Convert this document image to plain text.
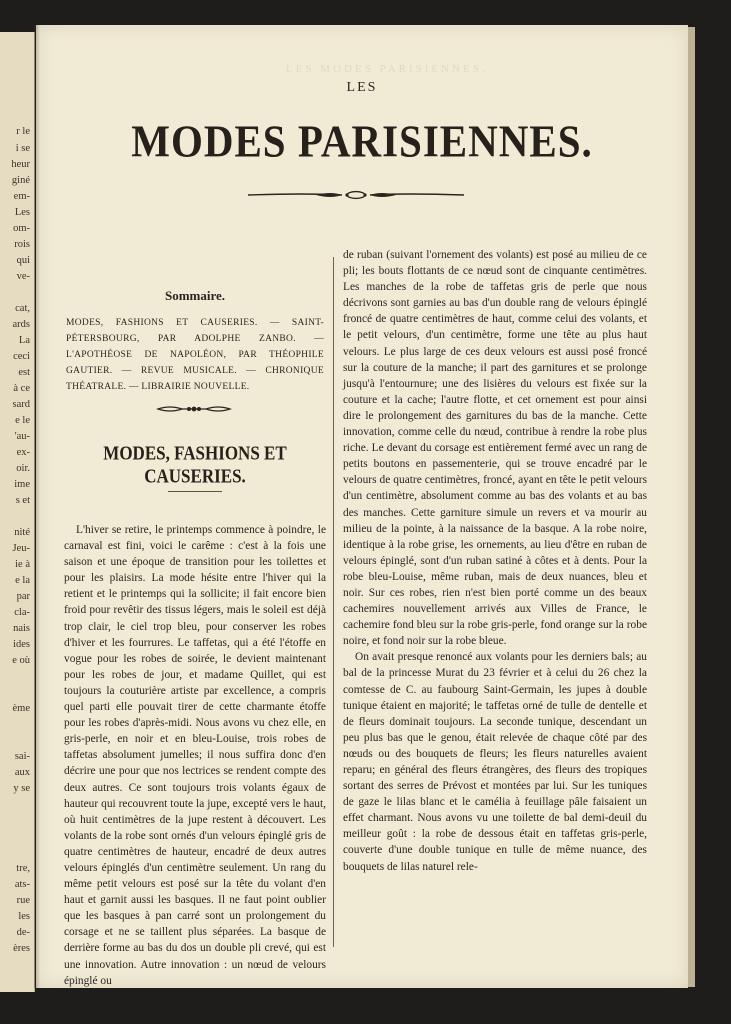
r le
i se
heur
giné
em-
Les
om-
rois
qui
ve-
cat,
ards
La
ceci
est
à ce
sard
e le
'au-
ex-
oir.
ime
s et
nité
Jeu-
ie à
e la
par
cla-
nais
ides
e où
ème
sai-
aux
y se
tre,
ats-
rue
les
de-
ères
LES MODES PARISIENNES.
LES
MODES PARISIENNES.
Sommaire.
MODES, FASHIONS ET CAUSERIES. — SAINT-PÉTERSBOURG, PAR ADOLPHE ZANBO. — L'APOTHÉOSE DE NAPOLÉON, PAR THÉOPHILE GAUTIER. — REVUE MUSICALE. — CHRONIQUE THÉATRALE. — LIBRAIRIE NOUVELLE.
MODES, FASHIONS ET CAUSERIES.

L'hiver se retire, le printemps commence à poindre, le carnaval est fini, voici le carême : c'est à la fois une saison et une époque de transition pour les toilettes et pour les plaisirs. La mode hésite entre l'hiver qui la retient et le printemps qui la sollicite; il fait encore bien froid pour revêtir des tissus légers, mais le soleil est déjà trop clair, le ciel trop bleu, pour conserver les robes d'hiver et les fourrures. Le taffetas, qui a été l'étoffe en vogue pour les robes de soirée, le devient maintenant pour les robes de jour, et madame Quillet, qui est toujours la couturière artiste par excellence, a compris quel parti elle pouvait tirer de cette charmante étoffe pour les robes d'après-midi. Nous avons vu chez elle, en gris-perle, en noir et en bleu-Louise, trois robes de taffetas absolument jumelles; il nous suffira donc d'en décrire une pour que nos lectrices se rendent compte des deux autres. Ce sont toujours trois volants égaux de hauteur qui recouvrent toute la jupe, excepté vers le haut, où huit centimètres de la jupe restent à découvert. Les volants de la robe sont ornés d'un velours épinglé gris de quatre centimètres de hauteur, encadré de deux autres velours épinglés d'un centimètre seulement. Un rang du même petit velours est posé sur la tête du volant d'en haut et garnit aussi les basques. Il ne faut point oublier que les basques à pan carré sont un prolongement du corsage et ne se taillent plus séparées. La basque de derrière forme au bas du dos un double pli crevé, qui est une innovation. Autre innovation : un nœud de velours épinglé ou

de ruban (suivant l'ornement des volants) est posé au milieu de ce pli; les bouts flottants de ce nœud sont de cinquante centimètres. Les manches de la robe de taffetas gris de perle que nous décrivons sont garnies au bas d'un double rang de velours épinglé froncé de quatre centimètres de haut, comme celui des volants, et le petit velours, d'un centimètre, forme une tête au plus haut velours. Le plus large de ces deux velours est aussi posé froncé sur la couture de la manche; il part des garnitures et se prolonge jusqu'à l'entournure; une des lisières du velours est fixée sur la couture et la cache; l'autre flotte, et cet ornement est pour ainsi dire le prolongement des garnitures du bas de la manche. Cette innovation, comme celle du nœud, contribue à rendre la robe plus riche. Le devant du corsage est entièrement fermé avec un rang de petits boutons en passementerie, qui se trouve encadré par le velours de quatre centimètres, froncé, ayant en tête le petit velours d'un centimètre, absolument comme au bas des volants et au bas des manches. Cette garniture simule un revers et va mourir au milieu de la pointe, à la naissance de la basque. A la robe noire, identique à la robe grise, les ornements, au lieu d'être en ruban de velours épinglé, sont d'un ruban satiné à côtes et à dents. Pour la robe bleu-Louise, même ruban, mais de deux nuances, bleu et noir. Sur ces robes, rien n'est bien porté comme un des beaux cachemires nouvellement arrivés aux Villes de France, le cachemire fond bleu sur la robe gris-perle, fond orange sur la robe noire, et fond noir sur la robe bleue.

On avait presque renoncé aux volants pour les derniers bals; au bal de la princesse Murat du 23 février et à celui du 26 chez la comtesse de C. au faubourg Saint-Germain, les jupes à double tunique étaient en majorité; le taffetas orné de tulle de dentelle et de fleurs dominait toujours. La seconde tunique, descendant un peu plus bas que le genou, était relevée de chaque côté par des nœuds ou des bouquets de fleurs; les fleurs naturelles avaient reparu; en général des fleurs étrangères, des fleurs des tropiques sortant des serres de Prévost et montées par lui. Sur les tuniques de gaze le lilas blanc et le camélia à feuillage pâle faisaient un effet charmant. Nous avons vu une toilette de bal demi-deuil du meilleur goût : la robe de dessous était en taffetas gris-perle, couverte d'une double tunique en tulle de même nuance, des bouquets de lilas naturel rele-
